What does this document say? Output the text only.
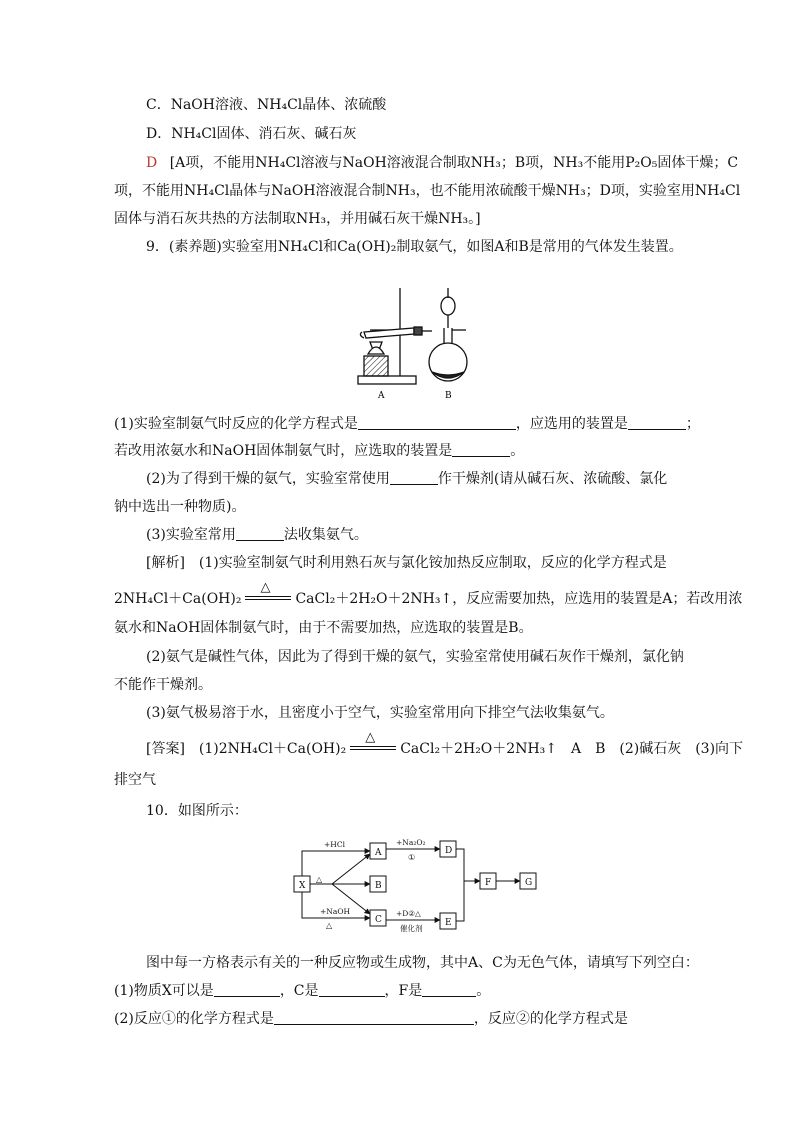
C．NaOH溶液、NH₄Cl晶体、浓硫酸
D．NH₄Cl固体、消石灰、碱石灰
D [A项，不能用NH₄Cl溶液与NaOH溶液混合制取NH₃；B项，NH₃不能用P₂O₅固体干燥；C
项，不能用NH₄Cl晶体与NaOH溶液混合制NH₃，也不能用浓硫酸干燥NH₃；D项，实验室用NH₄Cl
固体与消石灰共热的方法制取NH₃，并用碱石灰干燥NH₃。]
9．(素养题)实验室用NH₄Cl和Ca(OH)₂制取氨气，如图A和B是常用的气体发生装置。
A	B
(1)实验室制氨气时反应的化学方程式是	，应选用的装置是	；
若改用浓氨水和NaOH固体制氨气时，应选取的装置是	。
(2)为了得到干燥的氨气，实验室常使用	作干燥剂(请从碱石灰、浓硫酸、氯化
钠中选出一种物质)。
(3)实验室常用	法收集氨气。
[解析]　(1)实验室制氨气时利用熟石灰与氯化铵加热反应制取，反应的化学方程式是
2NH₄Cl＋Ca(OH)₂
△
CaCl₂＋2H₂O＋2NH₃↑，反应需要加热，应选用的装置是A；若改用浓
氨水和NaOH固体制氨气时，由于不需要加热，应选取的装置是B。
(2)氨气是碱性气体，因此为了得到干燥的氨气，实验室常使用碱石灰作干燥剂，氯化钠
不能作干燥剂。
(3)氨气极易溶于水，且密度小于空气，实验室常用向下排空气法收集氨气。
[答案]　(1)2NH₄Cl＋Ca(OH)₂
△
CaCl₂＋2H₂O＋2NH₃↑　A　B　(2)碱石灰　(3)向下
排空气
10．如图所示：
X
A
B
C
D
E
F	G
+HCl
△
+NaOH
△
+Na₂O₂
①
+D②△
催化剂
图中每一方格表示有关的一种反应物或生成物，其中A、C为无色气体，请填写下列空白：
(1)物质X可以是	，C是	，F是	。
(2)反应①的化学方程式是	，反应②的化学方程式是
